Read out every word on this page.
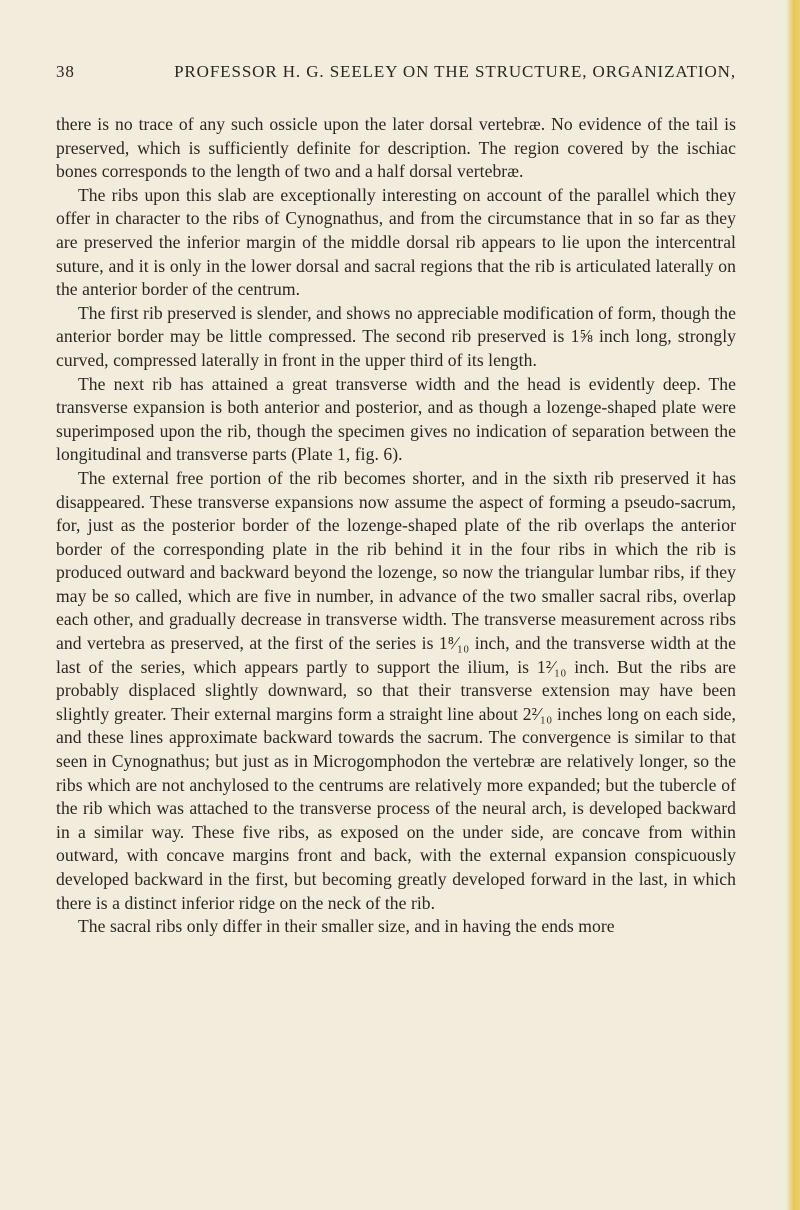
38	PROFESSOR H. G. SEELEY ON THE STRUCTURE, ORGANIZATION,

there is no trace of any such ossicle upon the later dorsal vertebræ. No evidence of the tail is preserved, which is sufficiently definite for description. The region covered by the ischiac bones corresponds to the length of two and a half dorsal vertebræ.

The ribs upon this slab are exceptionally interesting on account of the parallel which they offer in character to the ribs of Cynognathus, and from the circumstance that in so far as they are preserved the inferior margin of the middle dorsal rib appears to lie upon the intercentral suture, and it is only in the lower dorsal and sacral regions that the rib is articulated laterally on the anterior border of the centrum.

The first rib preserved is slender, and shows no appreciable modification of form, though the anterior border may be little compressed. The second rib preserved is 1⅝ inch long, strongly curved, compressed laterally in front in the upper third of its length.

The next rib has attained a great transverse width and the head is evidently deep. The transverse expansion is both anterior and posterior, and as though a lozenge-shaped plate were superimposed upon the rib, though the specimen gives no indication of separation between the longitudinal and transverse parts (Plate 1, fig. 6).

The external free portion of the rib becomes shorter, and in the sixth rib preserved it has disappeared. These transverse expansions now assume the aspect of forming a pseudo-sacrum, for, just as the posterior border of the lozenge-shaped plate of the rib overlaps the anterior border of the corresponding plate in the rib behind it in the four ribs in which the rib is produced outward and backward beyond the lozenge, so now the triangular lumbar ribs, if they may be so called, which are five in number, in advance of the two smaller sacral ribs, overlap each other, and gradually decrease in transverse width. The transverse measurement across ribs and vertebra as preserved, at the first of the series is 1⁸⁄₁₀ inch, and the transverse width at the last of the series, which appears partly to support the ilium, is 1²⁄₁₀ inch. But the ribs are probably displaced slightly downward, so that their transverse extension may have been slightly greater. Their external margins form a straight line about 2²⁄₁₀ inches long on each side, and these lines approximate backward towards the sacrum. The convergence is similar to that seen in Cynognathus; but just as in Microgomphodon the vertebræ are relatively longer, so the ribs which are not anchylosed to the centrums are relatively more expanded; but the tubercle of the rib which was attached to the transverse process of the neural arch, is developed backward in a similar way. These five ribs, as exposed on the under side, are concave from within outward, with concave margins front and back, with the external expansion conspicuously developed backward in the first, but becoming greatly developed forward in the last, in which there is a distinct inferior ridge on the neck of the rib.

The sacral ribs only differ in their smaller size, and in having the ends more
